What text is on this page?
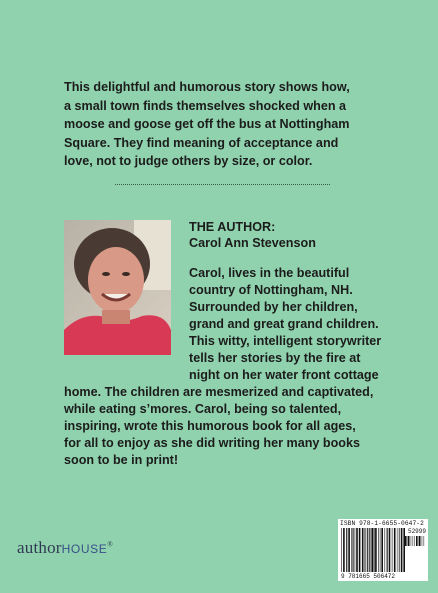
This delightful and humorous story shows how,
a small town finds themselves shocked when a
moose and goose get off the bus at Nottingham
Square. They find meaning of acceptance and
love, not to judge others by size, or color.

THE AUTHOR:

Carol Ann Stevenson

Carol, lives in the beautiful

country of Nottingham, NH.

Surrounded by her children,

grand and great grand children.

This witty, intelligent storywriter

tells her stories by the fire at

night on her water front cottage

home. The children are mesmerized and captivated,

while eating s’mores. Carol, being so talented,

inspiring, wrote this humorous book for all ages,

for all to enjoy as she did writing her many books

soon to be in print!

authorHOUSE®
ISBN 978-1-6655-0647-2
52999
9 781665 506472
